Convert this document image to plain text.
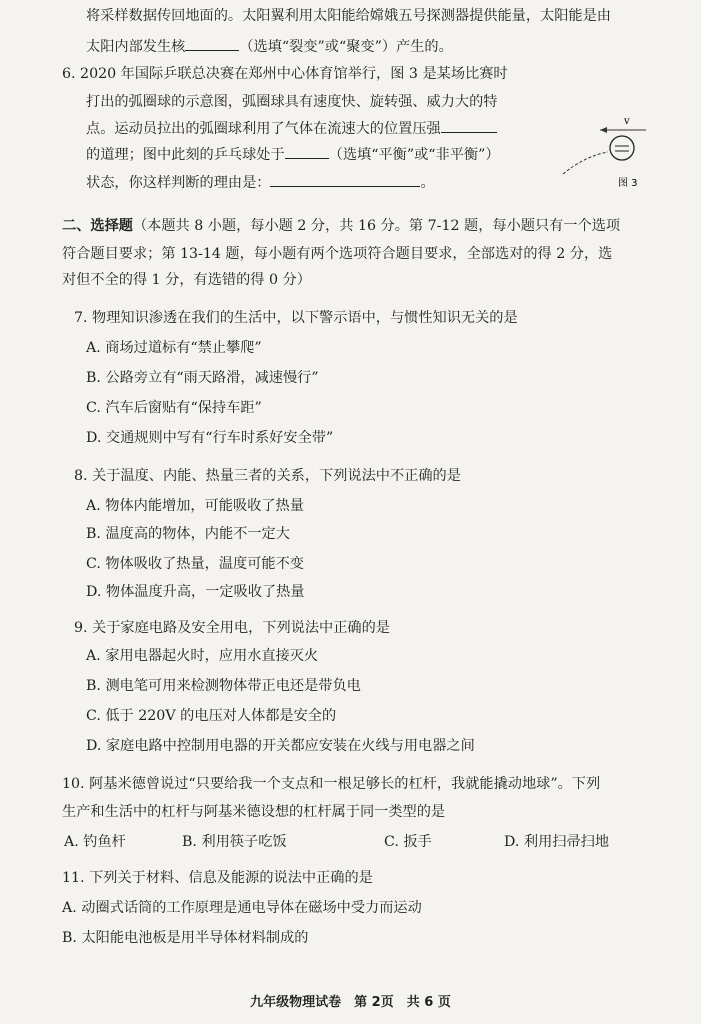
将采样数据传回地面的。太阳翼利用太阳能给嫦娥五号探测器提供能量，太阳能是由
太阳内部发生核	（选填“裂变”或“聚变”）产生的。
6. 2020 年国际乒联总决赛在郑州中心体育馆举行，图 3 是某场比赛时
打出的弧圈球的示意图，弧圈球具有速度快、旋转强、威力大的特
点。运动员拉出的弧圈球利用了气体在流速大的位置压强
的道理；图中此刻的乒乓球处于	（选填“平衡”或“非平衡”）
状态，你这样判断的理由是：	。
v
图 3
二、选择题（本题共 8 小题，每小题 2 分，共 16 分。第 7-12 题，每小题只有一个选项
符合题目要求；第 13-14 题，每小题有两个选项符合题目要求，全部选对的得 2 分，选
对但不全的得 1 分，有选错的得 0 分）
7. 物理知识渗透在我们的生活中，以下警示语中，与惯性知识无关的是
A. 商场过道标有“禁止攀爬”
B. 公路旁立有“雨天路滑，减速慢行”
C. 汽车后窗贴有“保持车距”
D. 交通规则中写有“行车时系好安全带”
8. 关于温度、内能、热量三者的关系，下列说法中不正确的是
A. 物体内能增加，可能吸收了热量
B. 温度高的物体，内能不一定大
C. 物体吸收了热量，温度可能不变
D. 物体温度升高，一定吸收了热量
9. 关于家庭电路及安全用电，下列说法中正确的是
A. 家用电器起火时，应用水直接灭火
B. 测电笔可用来检测物体带正电还是带负电
C. 低于 220V 的电压对人体都是安全的
D. 家庭电路中控制用电器的开关都应安装在火线与用电器之间
10. 阿基米德曾说过“只要给我一个支点和一根足够长的杠杆，我就能撬动地球”。下列
生产和生活中的杠杆与阿基米德设想的杠杆属于同一类型的是
A. 钓鱼杆	B. 利用筷子吃饭	C. 扳手	D. 利用扫帚扫地
11. 下列关于材料、信息及能源的说法中正确的是
A. 动圈式话筒的工作原理是通电导体在磁场中受力而运动
B. 太阳能电池板是用半导体材料制成的
九年级物理试卷　第 2页　共 6 页
